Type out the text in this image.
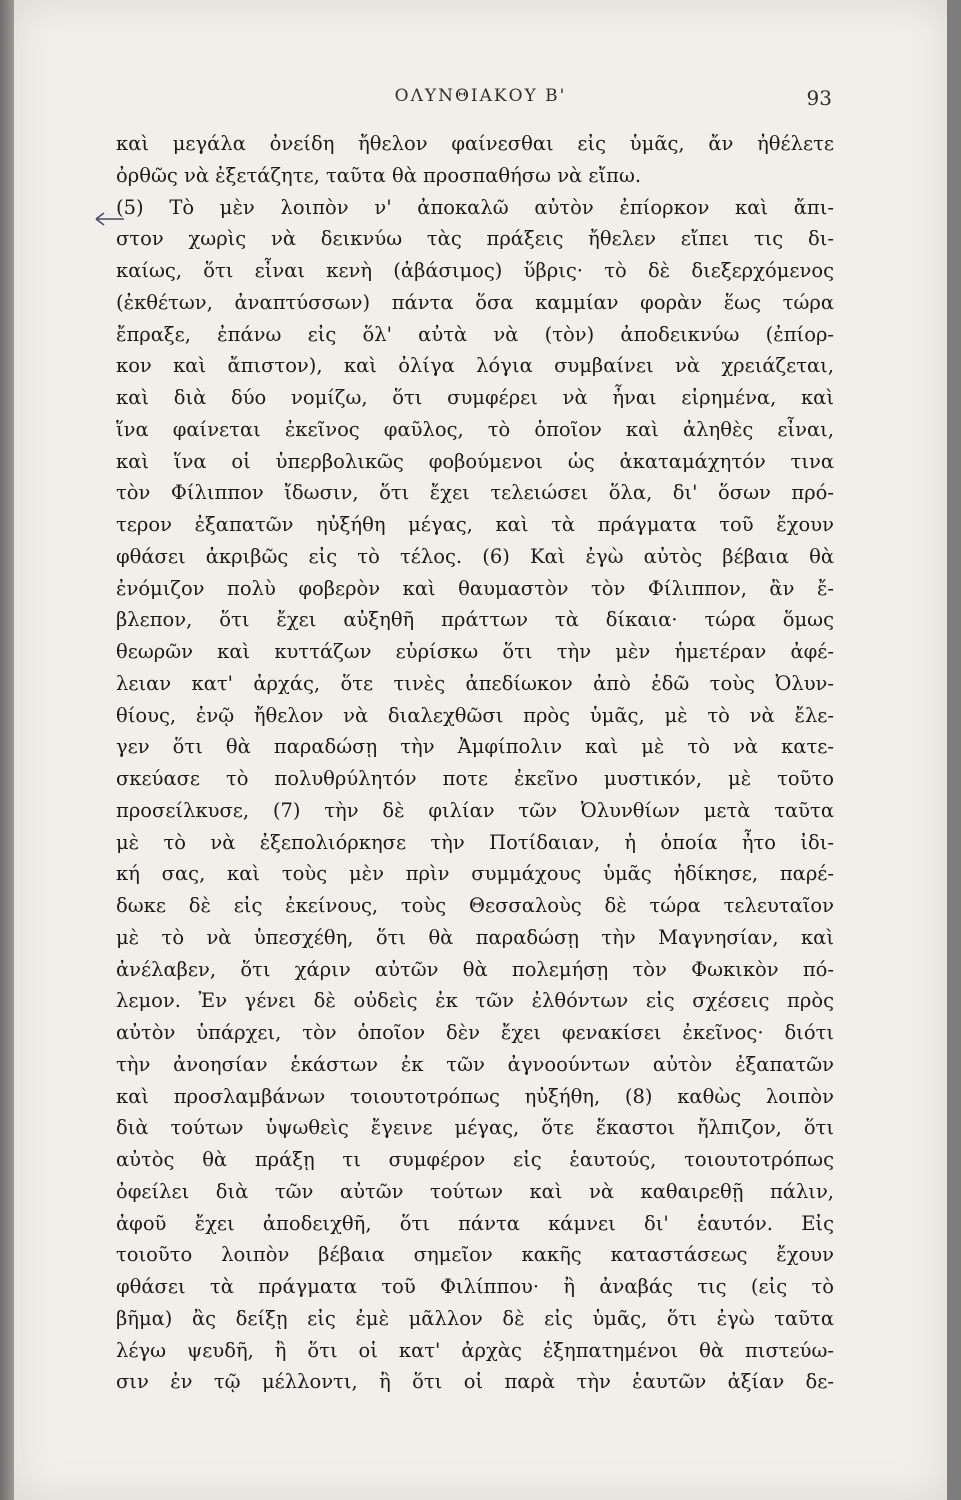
ΟΛΥΝΘΙΑΚΟΥ Β'	93
καὶ μεγάλα ὀνείδη ἤθελον φαίνεσθαι εἰς ὑμᾶς, ἄν ἠθέλετε
ὀρθῶς νὰ ἐξετάζητε, ταῦτα θὰ προσπαθήσω νὰ εἴπω.
(5) Τὸ μὲν λοιπὸν ν' ἀποκαλῶ αὐτὸν ἐπίορκον καὶ ἄπι-
στον χωρὶς νὰ δεικνύω τὰς πράξεις ἤθελεν εἴπει τις δι-
καίως, ὅτι εἶναι κενὴ (ἀβάσιμος) ὕβρις· τὸ δὲ διεξερχόμενος
(ἐκθέτων, ἀναπτύσσων) πάντα ὅσα καμμίαν φορὰν ἕως τώρα
ἔπραξε, ἐπάνω εἰς ὅλ' αὐτὰ νὰ (τὸν) ἀποδεικνύω (ἐπίορ-
κον καὶ ἄπιστον), καὶ ὀλίγα λόγια συμβαίνει νὰ χρειάζεται,
καὶ διὰ δύο νομίζω, ὅτι συμφέρει νὰ ἦναι εἰρημένα, καὶ
ἵνα φαίνεται ἐκεῖνος φαῦλος, τὸ ὁποῖον καὶ ἀληθὲς εἶναι,
καὶ ἵνα οἱ ὑπερβολικῶς φοβούμενοι ὡς ἀκαταμάχητόν τινα
τὸν Φίλιππον ἴδωσιν, ὅτι ἔχει τελειώσει ὅλα, δι' ὅσων πρό-
τερον ἐξαπατῶν ηὐξήθη μέγας, καὶ τὰ πράγματα τοῦ ἔχουν
φθάσει ἀκριβῶς εἰς τὸ τέλος. (6) Καὶ ἐγὼ αὐτὸς βέβαια θὰ
ἐνόμιζον πολὺ φοβερὸν καὶ θαυμαστὸν τὸν Φίλιππον, ἂν ἔ-
βλεπον, ὅτι ἔχει αὐξηθῆ πράττων τὰ δίκαια· τώρα ὅμως
θεωρῶν καὶ κυττάζων εὑρίσκω ὅτι τὴν μὲν ἡμετέραν ἀφέ-
λειαν κατ' ἀρχάς, ὅτε τινὲς ἀπεδίωκον ἀπὸ ἐδῶ τοὺς Ὀλυν-
θίους, ἐνῷ ἤθελον νὰ διαλεχθῶσι πρὸς ὑμᾶς, μὲ τὸ νὰ ἔλε-
γεν ὅτι θὰ παραδώσῃ τὴν Ἀμφίπολιν καὶ μὲ τὸ νὰ κατε-
σκεύασε τὸ πολυθρύλητόν ποτε ἐκεῖνο μυστικόν, μὲ τοῦτο
προσείλκυσε, (7) τὴν δὲ φιλίαν τῶν Ὀλυνθίων μετὰ ταῦτα
μὲ τὸ νὰ ἐξεπολιόρκησε τὴν Ποτίδαιαν, ἡ ὁποία ἦτο ἰδι-
κή σας, καὶ τοὺς μὲν πρὶν συμμάχους ὑμᾶς ἠδίκησε, παρέ-
δωκε δὲ εἰς ἐκείνους, τοὺς Θεσσαλοὺς δὲ τώρα τελευταῖον
μὲ τὸ νὰ ὑπεσχέθη, ὅτι θὰ παραδώσῃ τὴν Μαγνησίαν, καὶ
ἀνέλαβεν, ὅτι χάριν αὐτῶν θὰ πολεμήσῃ τὸν Φωκικὸν πό-
λεμον. Ἐν γένει δὲ οὐδεὶς ἐκ τῶν ἐλθόντων εἰς σχέσεις πρὸς
αὐτὸν ὑπάρχει, τὸν ὁποῖον δὲν ἔχει φενακίσει ἐκεῖνος· διότι
τὴν ἀνοησίαν ἑκάστων ἐκ τῶν ἀγνοούντων αὐτὸν ἐξαπατῶν
καὶ προσλαμβάνων τοιουτοτρόπως ηὐξήθη, (8) καθὼς λοιπὸν
διὰ τούτων ὑψωθεὶς ἔγεινε μέγας, ὅτε ἕκαστοι ἤλπιζον, ὅτι
αὐτὸς θὰ πράξῃ τι συμφέρον εἰς ἑαυτούς, τοιουτοτρόπως
ὀφείλει διὰ τῶν αὐτῶν τούτων καὶ νὰ καθαιρεθῇ πάλιν,
ἀφοῦ ἔχει ἀποδειχθῆ, ὅτι πάντα κάμνει δι' ἑαυτόν. Εἰς
τοιοῦτο λοιπὸν βέβαια σημεῖον κακῆς καταστάσεως ἔχουν
φθάσει τὰ πράγματα τοῦ Φιλίππου· ἢ ἀναβάς τις (εἰς τὸ
βῆμα) ἂς δείξῃ εἰς ἐμὲ μᾶλλον δὲ εἰς ὑμᾶς, ὅτι ἐγὼ ταῦτα
λέγω ψευδῆ, ἢ ὅτι οἱ κατ' ἀρχὰς ἐξηπατημένοι θὰ πιστεύω-
σιν ἐν τῷ μέλλοντι, ἢ ὅτι οἱ παρὰ τὴν ἑαυτῶν ἀξίαν δε-
